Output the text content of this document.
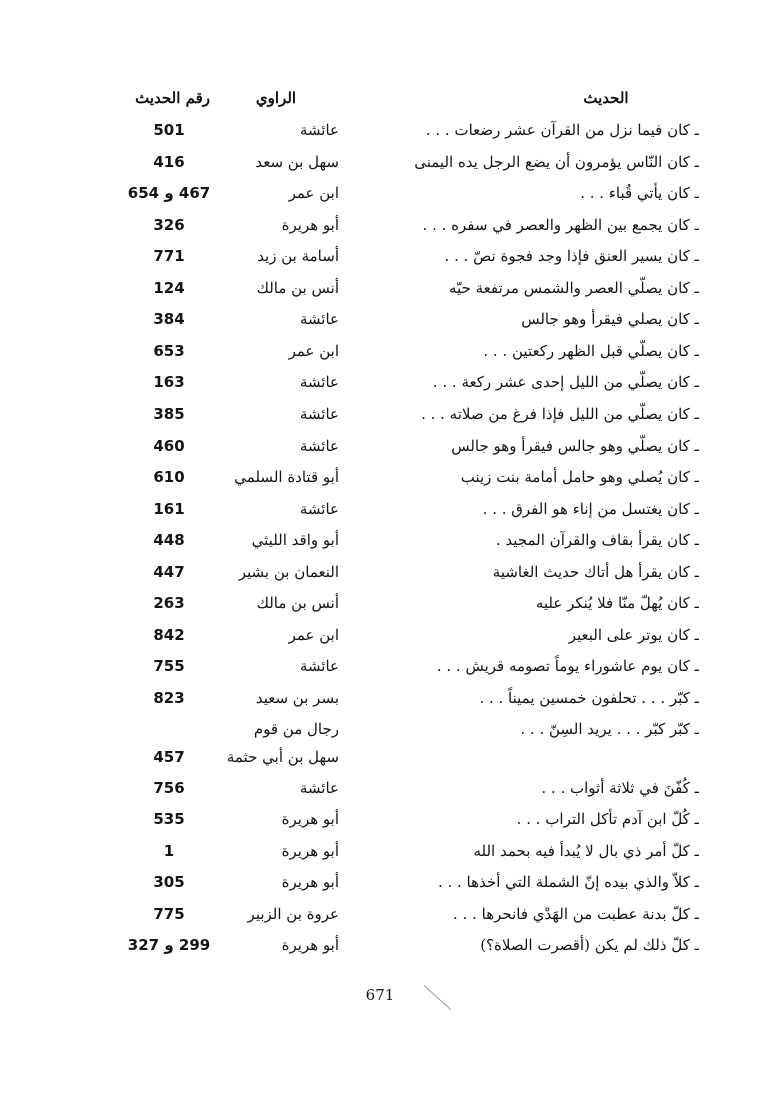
الحديث
الراوي
رقم الحديث
ـ كان فيما نزل من القرآن عشر رضعات . . .
عائشة
501
ـ كان النّاس يؤمرون أن يضع الرجل يده اليمنى
سهل بن سعد
416
ـ كان يأتي قُباء . . .
ابن عمر
467 و 654
ـ كان يجمع بين الظهر والعصر في سفره . . .
أبو هريرة
326
ـ كان يسير العنق فإذا وجد فجوة نصّ . . .
أسامة بن زيد
771
ـ كان يصلّي العصر والشمس مرتفعة حيّه
أنس بن مالك
124
ـ كان يصلي فيقرأ وهو جالس
عائشة
384
ـ كان يصلّي قبل الظهر ركعتين . . .
ابن عمر
653
ـ كان يصلّي من الليل إحدى عشر ركعة . . .
عائشة
163
ـ كان يصلّي من الليل فإذا فرغ من صلاته . . .
عائشة
385
ـ كان يصلّي وهو جالس فيقرأ وهو جالس
عائشة
460
ـ كان يُصلي وهو حامل أمامة بنت زينب
أبو قتادة السلمي
610
ـ كان يغتسل من إناء هو الفرق . . .
عائشة
161
ـ كان يقرأ بقاف والقرآن المجيد .
أبو واقد الليثي
448
ـ كان يقرأ هل أتاك حديث الغاشية
النعمان بن بشير
447
ـ كان يُهلّ منّا فلا يُنكر عليه
أنس بن مالك
263
ـ كان يوتر على البعير
ابن عمر
842
ـ كان يوم عاشوراء يوماً تصومه قريش . . .
عائشة
755
ـ كبّر . . . تحلفون خمسين يميناً . . .
بسر بن سعيد
823
ـ كبّر كبّر . . . يريد السِنّ . . .
رجال من قوم
سهل بن أبي حثمة
457
ـ كُفّنَ في ثلاثة أثواب . . .
عائشة
756
ـ كُلّ ابن آدم تأكل التراب . . .
أبو هريرة
535
ـ كلّ أمر ذي بال لا يُبدأ فيه بحمد الله
أبو هريرة
1
ـ كلاّ والذي بيده إنّ الشملة التي أخذها . . .
أبو هريرة
305
ـ كلّ بدنة عطبت من الهَدْي فانحرها . . .
عروة بن الزبير
775
ـ كلّ ذلك لم يكن (أقصرت الصلاة؟)
أبو هريرة
299 و 327
671
